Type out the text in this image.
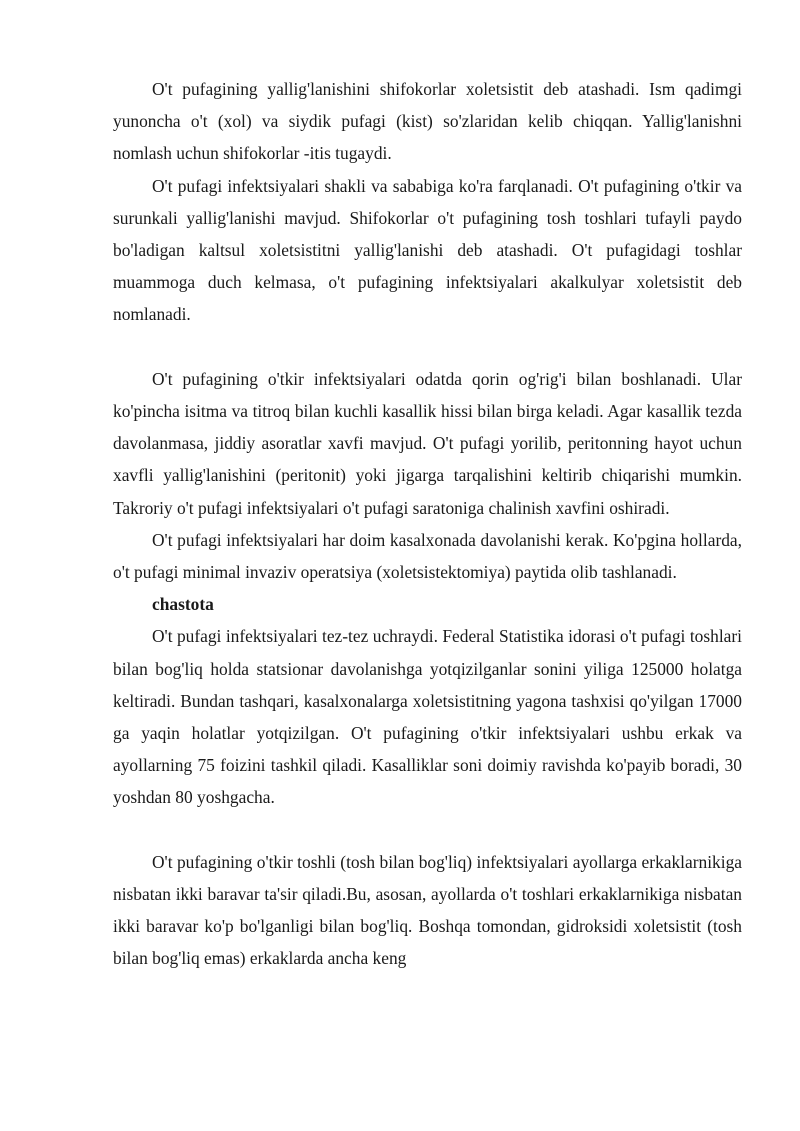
O't pufagining yallig'lanishini shifokorlar xoletsistit deb atashadi. Ism qadimgi yunoncha o't (xol) va siydik pufagi (kist) so'zlaridan kelib chiqqan. Yallig'lanishni nomlash uchun shifokorlar -itis tugaydi.

O't pufagi infektsiyalari shakli va sababiga ko'ra farqlanadi. O't pufagining o'tkir va surunkali yallig'lanishi mavjud. Shifokorlar o't pufagining tosh toshlari tufayli paydo bo'ladigan kaltsul xoletsistitni yallig'lanishi deb atashadi. O't pufagidagi toshlar muammoga duch kelmasa, o't pufagining infektsiyalari akalkulyar xoletsistit deb nomlanadi.

O't pufagining o'tkir infektsiyalari odatda qorin og'rig'i bilan boshlanadi. Ular ko'pincha isitma va titroq bilan kuchli kasallik hissi bilan birga keladi. Agar kasallik tezda davolanmasa, jiddiy asoratlar xavfi mavjud. O't pufagi yorilib, peritonning hayot uchun xavfli yallig'lanishini (peritonit) yoki jigarga tarqalishini keltirib chiqarishi mumkin. Takroriy o't pufagi infektsiyalari o't pufagi saratoniga chalinish xavfini oshiradi.

O't pufagi infektsiyalari har doim kasalxonada davolanishi kerak. Ko'pgina hollarda, o't pufagi minimal invaziv operatsiya (xoletsistektomiya) paytida olib tashlanadi.

chastota

O't pufagi infektsiyalari tez-tez uchraydi. Federal Statistika idorasi o't pufagi toshlari bilan bog'liq holda statsionar davolanishga yotqizilganlar sonini yiliga 125000 holatga keltiradi. Bundan tashqari, kasalxonalarga xoletsistitning yagona tashxisi qo'yilgan 17000 ga yaqin holatlar yotqizilgan. O't pufagining o'tkir infektsiyalari ushbu erkak va ayollarning 75 foizini tashkil qiladi. Kasalliklar soni doimiy ravishda ko'payib boradi, 30 yoshdan 80 yoshgacha.

O't pufagining o'tkir toshli (tosh bilan bog'liq) infektsiyalari ayollarga erkaklarnikiga nisbatan ikki baravar ta'sir qiladi.Bu, asosan, ayollarda o't toshlari erkaklarnikiga nisbatan ikki baravar ko'p bo'lganligi bilan bog'liq. Boshqa tomondan, gidroksidi xoletsistit (tosh bilan bog'liq emas) erkaklarda ancha keng
